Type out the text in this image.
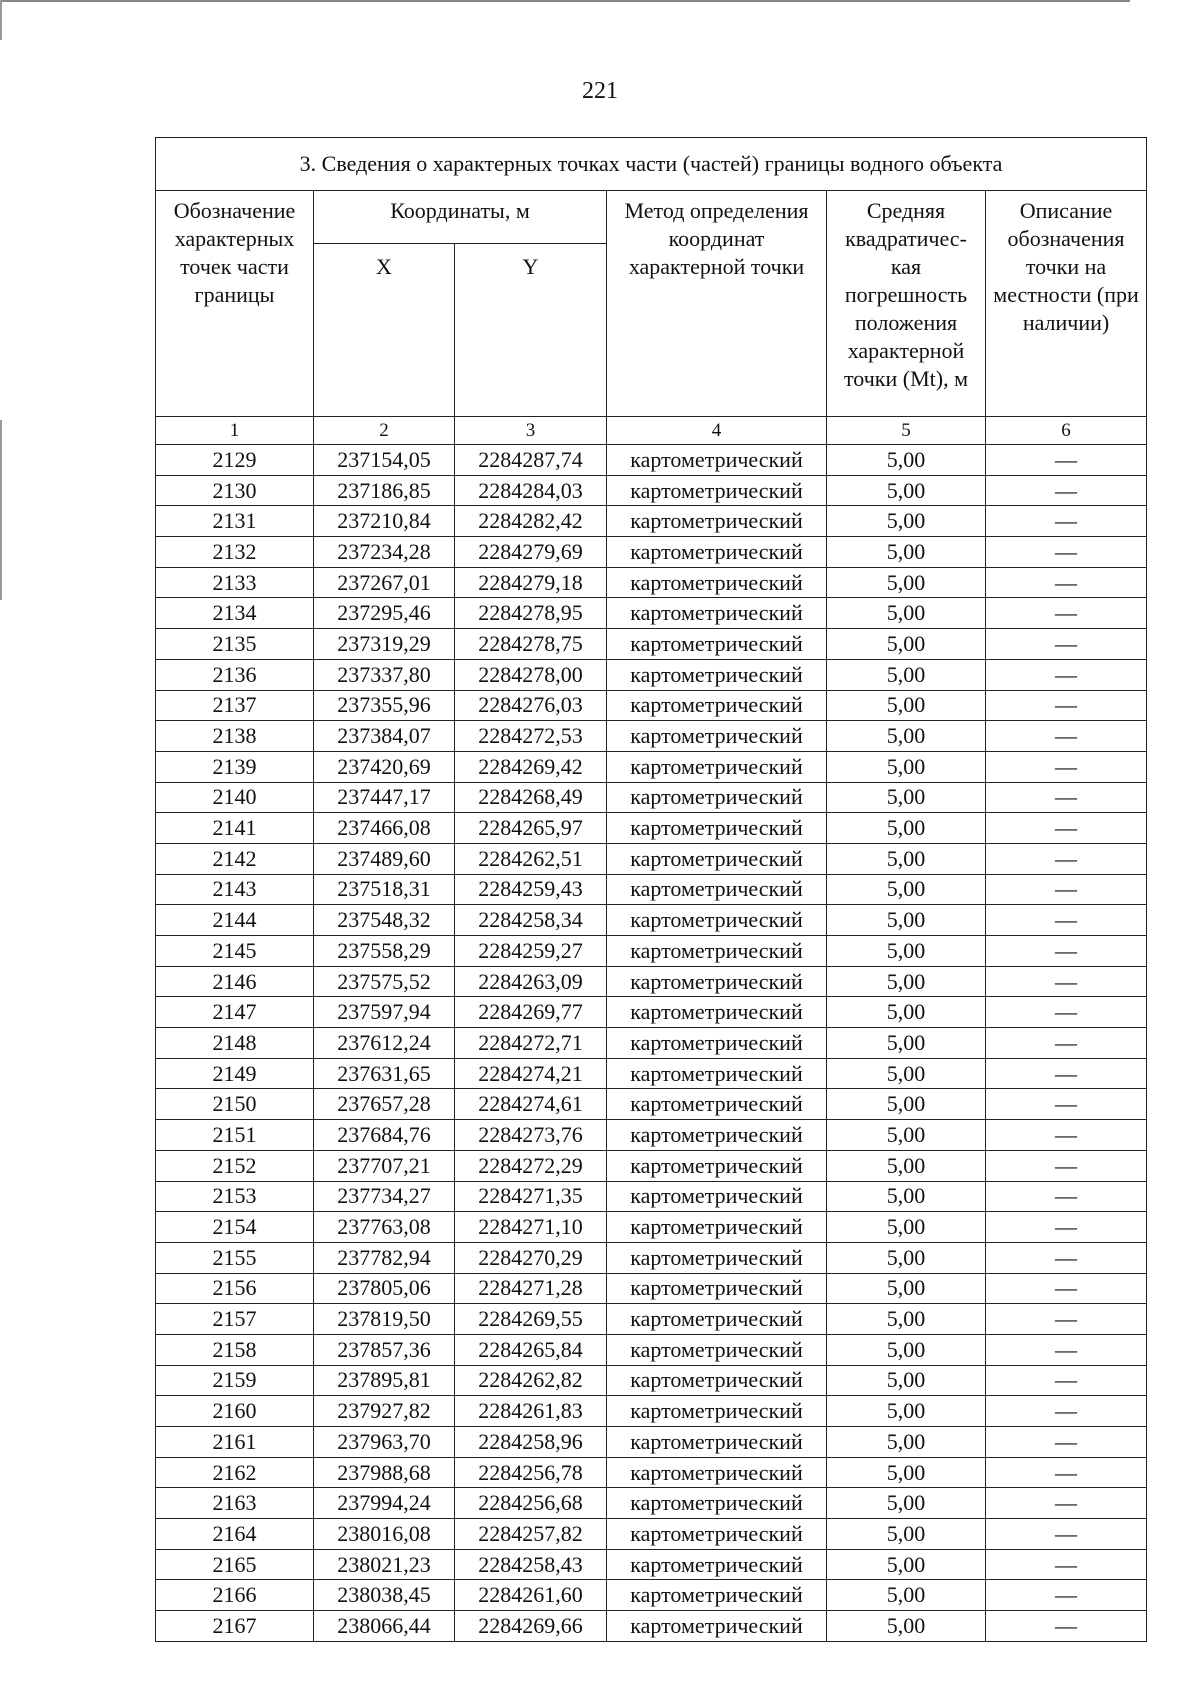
221
3. Сведения о характерных точках части (частей) границы водного объекта					
Обозначение характерных точек части границы	Координаты, м		Метод определения координат характерной точки	Средняя квадратичес-кая погрешность положения характерной точки (Mt), м	Описание обозначения точки на местности (при наличии)
	X	Y			
1	2	3	4	5	6
2129	237154,05	2284287,74	картометрический	5,00	—
2130	237186,85	2284284,03	картометрический	5,00	—
2131	237210,84	2284282,42	картометрический	5,00	—
2132	237234,28	2284279,69	картометрический	5,00	—
2133	237267,01	2284279,18	картометрический	5,00	—
2134	237295,46	2284278,95	картометрический	5,00	—
2135	237319,29	2284278,75	картометрический	5,00	—
2136	237337,80	2284278,00	картометрический	5,00	—
2137	237355,96	2284276,03	картометрический	5,00	—
2138	237384,07	2284272,53	картометрический	5,00	—
2139	237420,69	2284269,42	картометрический	5,00	—
2140	237447,17	2284268,49	картометрический	5,00	—
2141	237466,08	2284265,97	картометрический	5,00	—
2142	237489,60	2284262,51	картометрический	5,00	—
2143	237518,31	2284259,43	картометрический	5,00	—
2144	237548,32	2284258,34	картометрический	5,00	—
2145	237558,29	2284259,27	картометрический	5,00	—
2146	237575,52	2284263,09	картометрический	5,00	—
2147	237597,94	2284269,77	картометрический	5,00	—
2148	237612,24	2284272,71	картометрический	5,00	—
2149	237631,65	2284274,21	картометрический	5,00	—
2150	237657,28	2284274,61	картометрический	5,00	—
2151	237684,76	2284273,76	картометрический	5,00	—
2152	237707,21	2284272,29	картометрический	5,00	—
2153	237734,27	2284271,35	картометрический	5,00	—
2154	237763,08	2284271,10	картометрический	5,00	—
2155	237782,94	2284270,29	картометрический	5,00	—
2156	237805,06	2284271,28	картометрический	5,00	—
2157	237819,50	2284269,55	картометрический	5,00	—
2158	237857,36	2284265,84	картометрический	5,00	—
2159	237895,81	2284262,82	картометрический	5,00	—
2160	237927,82	2284261,83	картометрический	5,00	—
2161	237963,70	2284258,96	картометрический	5,00	—
2162	237988,68	2284256,78	картометрический	5,00	—
2163	237994,24	2284256,68	картометрический	5,00	—
2164	238016,08	2284257,82	картометрический	5,00	—
2165	238021,23	2284258,43	картометрический	5,00	—
2166	238038,45	2284261,60	картометрический	5,00	—
2167	238066,44	2284269,66	картометрический	5,00	—
